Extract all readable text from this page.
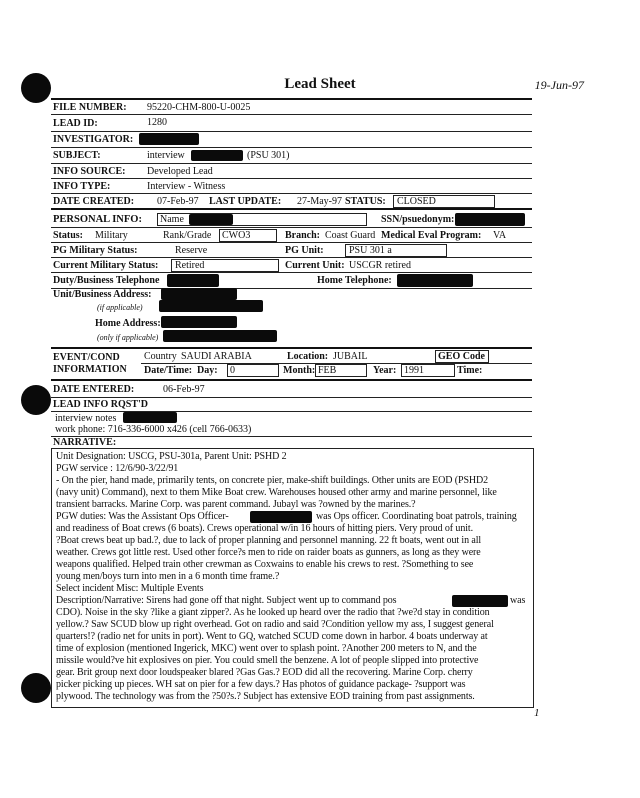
Lead Sheet	19-Jun-97
FILE NUMBER: 95220-CHM-800-U-0025
LEAD ID:	1280
INVESTIGATOR:
SUBJECT:	interview	(PSU 301)
INFO SOURCE: Developed Lead
INFO TYPE:	Interview - Witness
DATE CREATED: 07-Feb-97 LAST UPDATE: 27-May-97 STATUS: CLOSED
PERSONAL INFO: Name	SSN/psuedonym:
Status: Military	Rank/Grade CWO3	Branch: Coast Guard Medical Eval Program: VA
PG Military Status:	Reserve	PG Unit:	PSU 301 a
Current Military Status: Retired	Current Unit: USCGR retired
Duty/Business Telephone	Home Telephone:
Unit/Business Address:
(if applicable)
Home Address:
(only if applicable)
EVENT/COND
INFORMATION
Country SAUDI ARABIA	Location: JUBAIL	GEO Code
Date/Time: Day: 0	Month: FEB	Year: 1991	Time:
DATE ENTERED:	06-Feb-97
LEAD INFO RQST'D
interview notes
work phone: 716-336-6000 x426 (cell 766-0633)
NARRATIVE:
Unit Designation: USCG, PSU-301a, Parent Unit: PSHD 2
PGW service : 12/6/90-3/22/91
- On the pier, hand made, primarily tents, on concrete pier, make-shift buildings. Other units are EOD (PSHD2
(navy unit) Command), next to them Mike Boat crew. Warehouses housed other army and marine personnel, like
transient barracks. Marine Corp. was parent command. Jubayl was ?owned by the marines.?
PGW duties: Was the Assistant Ops Officer-	was Ops officer. Coordinating boat patrols, training
and readiness of Boat crews (6 boats). Crews operational w/in 16 hours of hitting piers. Very proud of unit.
?Boat crews beat up bad.?, due to lack of proper planning and personnel manning. 22 ft boats, went out in all
weather. Crews got little rest. Used other force?s men to ride on raider boats as gunners, as long as they were
weapons qualified. Helped train other crewman as Coxwains to enable his crews to rest. ?Something to see
young men/boys turn into men in a 6 month time frame.?
Select incident Misc: Multiple Events
Description/Narrative: Sirens had gone off that night. Subject went up to command pos	was
CDO). Noise in the sky ?like a giant zipper?. As he looked up heard over the radio that ?we?d stay in condition
yellow.? Saw SCUD blow up right overhead. Got on radio and said ?Condition yellow my ass, I suggest general
quarters!? (radio net for units in port). Went to GQ, watched SCUD come down in harbor. 4 boats underway at
time of explosion (mentioned Ingerick, MKC) went over to splash point. ?Another 200 meters to N, and the
missile would?ve hit explosives on pier. You could smell the benzene. A lot of people slipped into protective
gear. Brit group next door loudspeaker blared ?Gas Gas.? EOD did all the recovering. Marine Corp. cherry
picker picking up pieces. WH sat on pier for a few days.? Has photos of guidance package- ?support was
plywood. The technology was from the ?50?s.? Subject has extensive EOD training from past assignments.
1
